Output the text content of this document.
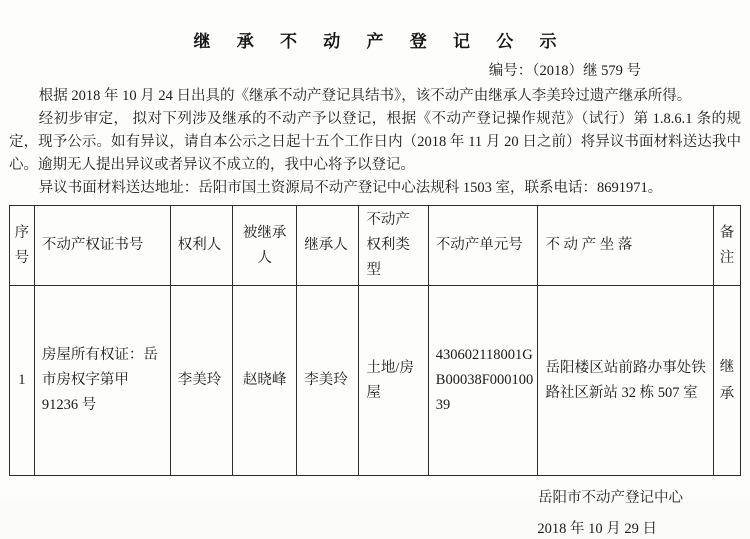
继 承 不 动 产 登 记 公 示
编号：（2018）继 579 号

根据 2018 年 10 月 24 日出具的《继承不动产登记具结书》，该不动产由继承人李美玲过遗产继承所得。

经初步审定， 拟对下列涉及继承的不动产予以登记，根据《不动产登记操作规范》（试行）第 1.8.6.1 条的规定，现予公示。如有异议，请自本公示之日起十五个工作日内（2018 年 11 月 20 日之前）将异议书面材料送达我中心。逾期无人提出异议或者异议不成立的，我中心将予以登记。

异议书面材料送达地址：岳阳市国土资源局不动产登记中心法规科 1503 室，联系电话：8691971。

序号	不动产权证书号	权利人	被继承人	继承人	不动产权利类型	不动产单元号	不 动 产 坐 落	备注
1	房屋所有权证：岳市房权字第甲 91236 号	李美玲	赵晓峰	李美玲	土地/房屋	430602118001GB00038F00010039	岳阳楼区站前路办事处铁路社区新站 32 栋 507 室	继承
岳阳市不动产登记中心
2018 年 10 月 29 日
